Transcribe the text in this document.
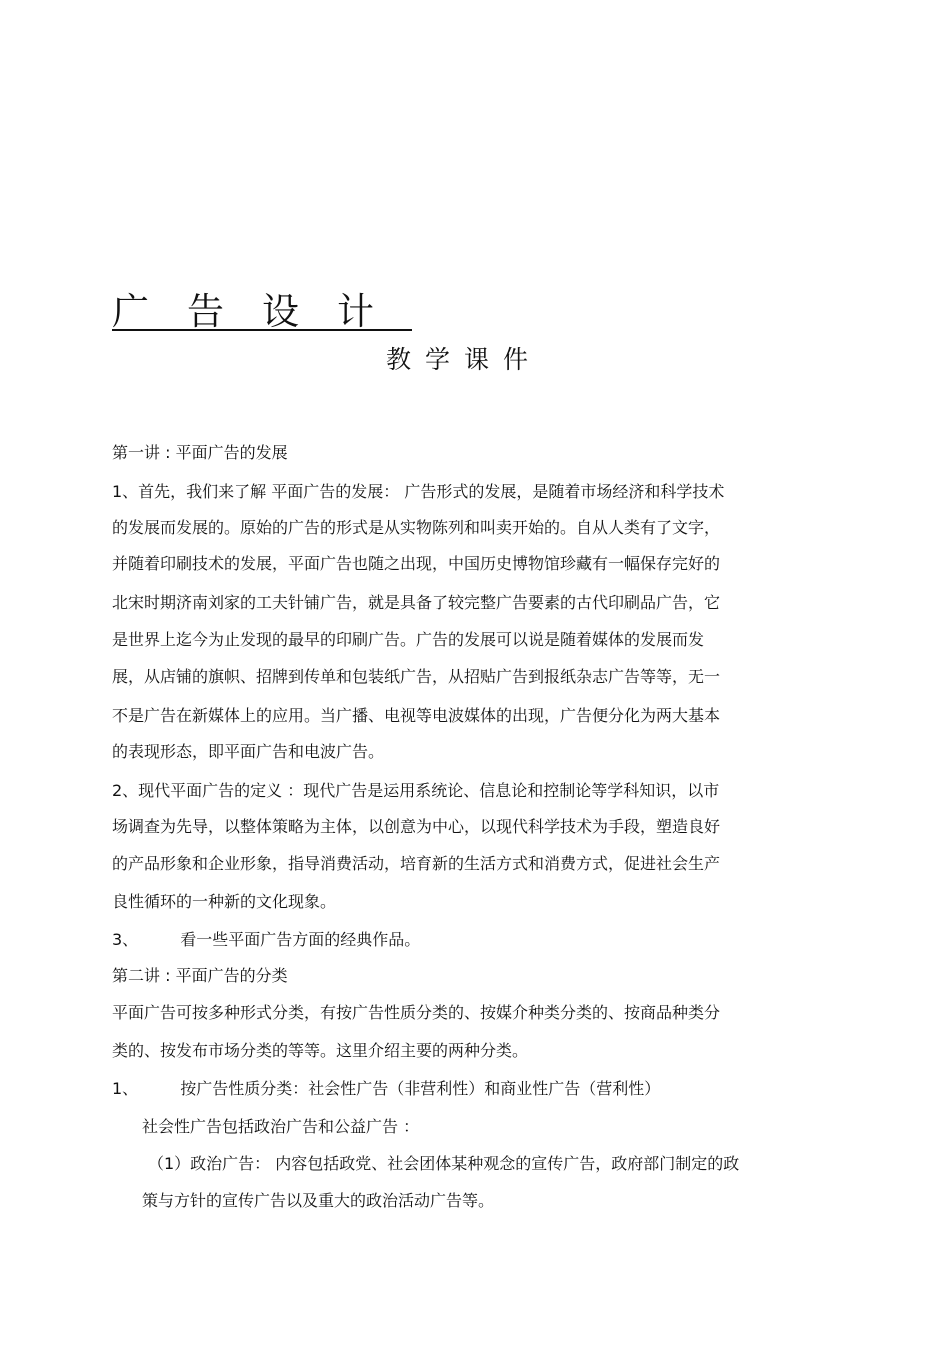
广告设计
教学课件
第一讲 : 平面广告的发展
1、首先，我们来了解 平面广告的发展： 广告形式的发展，是随着市场经济和科学技术
的发展而发展的。原始的广告的形式是从实物陈列和叫卖开始的。自从人类有了文字，
并随着印刷技术的发展，平面广告也随之出现，中国历史博物馆珍藏有一幅保存完好的
北宋时期济南刘家的工夫针铺广告，就是具备了较完整广告要素的古代印刷品广告，它
是世界上迄今为止发现的最早的印刷广告。广告的发展可以说是随着媒体的发展而发
展，从店铺的旗帜、招牌到传单和包装纸广告，从招贴广告到报纸杂志广告等等，无一
不是广告在新媒体上的应用。当广播、电视等电波媒体的出现，广告便分化为两大基本
的表现形态，即平面广告和电波广告。
2、现代平面广告的定义 ：现代广告是运用系统论、信息论和控制论等学科知识，以市
场调查为先导，以整体策略为主体，以创意为中心，以现代科学技术为手段，塑造良好
的产品形象和企业形象，指导消费活动，培育新的生活方式和消费方式，促进社会生产
良性循环的一种新的文化现象。
3、	看一些平面广告方面的经典作品。
第二讲 : 平面广告的分类
平面广告可按多种形式分类，有按广告性质分类的、按媒介种类分类的、按商品种类分
类的、按发布市场分类的等等。这里介绍主要的两种分类。
1、	按广告性质分类：社会性广告（非营利性）和商业性广告（营利性）
社会性广告包括政治广告和公益广告 ：
（1）政治广告： 内容包括政党、社会团体某种观念的宣传广告，政府部门制定的政
策与方针的宣传广告以及重大的政治活动广告等。
